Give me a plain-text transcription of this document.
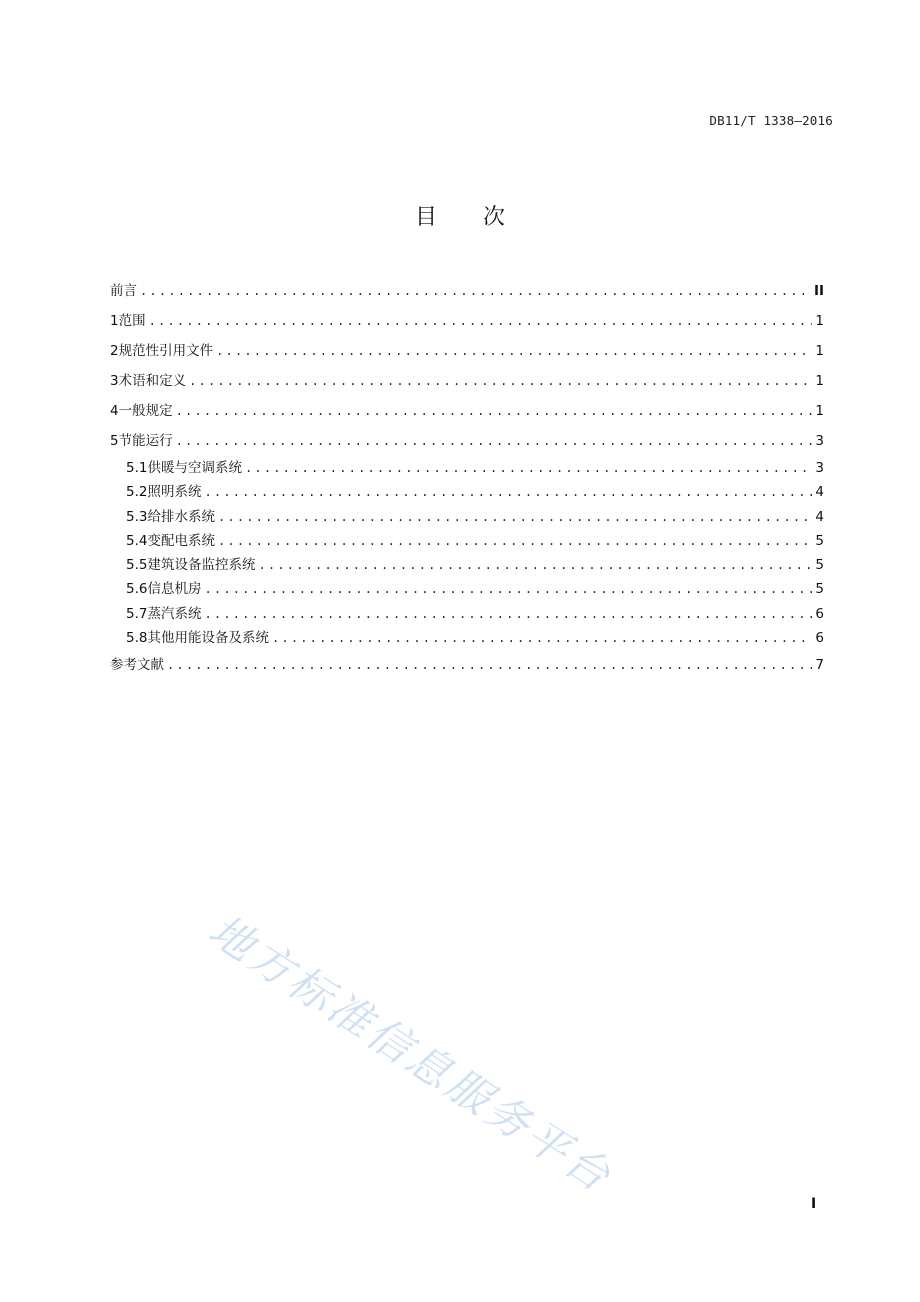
DB11/T 1338—2016
目次
前言 .....	II
1 范围 .....	1
2 规范性引用文件 .....	1
3 术语和定义 .....	1
4 一般规定 .....	1
5 节能运行 .....	3
5.1 供暖与空调系统 .....	3
5.2 照明系统 .....	4
5.3 给排水系统 .....	4
5.4 变配电系统 .....	5
5.5 建筑设备监控系统 .....	5
5.6 信息机房 .....	5
5.7 蒸汽系统 .....	6
5.8 其他用能设备及系统 .....	6
参考文献 .....	7
地方标准信息服务平台
I
